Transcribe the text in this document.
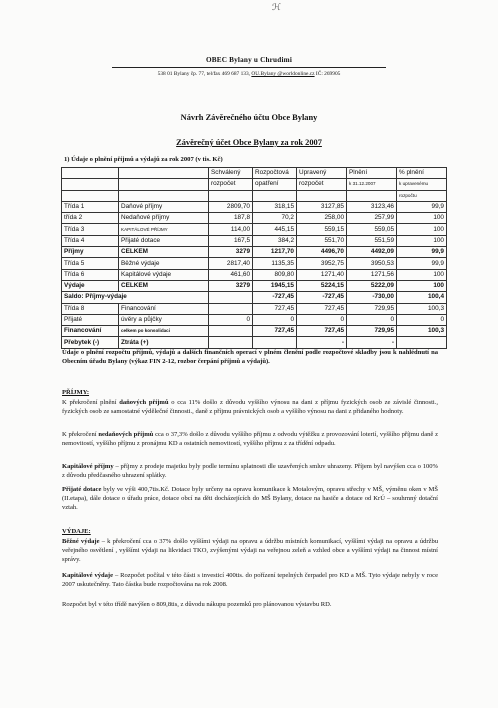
ℋ
OBEC Bylany u Chrudimi
538 01 Bylany čp. 77, tel/fax 469 687 133, OU.Bylany @worldonline.cz IČ: 269905
Návrh Závěrečného účtu Obce Bylany
Závěrečný účet Obce Bylany za rok 2007
1) Údaje o plnění příjmů a výdajů za rok 2007 (v tis. Kč)
		Schválený	Rozpočtová	Upravený	Plnění	% plnění
		rozpočet	opatření	rozpočet	k 31.12.2007	k upravenému
						rozpočtu
Třída 1	Daňové příjmy	2809,70	318,15	3127,85	3123,46	99,9
třída 2	Nedaňové příjmy	187,8	70,2	258,00	257,99	100
Třída 3	KAPITÁLOVÉ PŘÍJMY	114,00	445,15	559,15	559,05	100
Třída 4	Přijaté dotace	167,5	384,2	551,70	551,59	100
Příjmy	CELKEM	3279	1217,70	4496,70	4492,09	99,9
Třída 5	Běžné výdaje	2817,40	1135,35	3952,75	3950,53	99,9
Třída 6	Kapitálové výdaje	461,60	809,80	1271,40	1271,56	100
Výdaje	CELKEM	3279	1945,15	5224,15	5222,09	100
Saldo: Příjmy-výdaje			-727,45	-727,45	-730,00	100,4
Třída 8	Financování		727,45	727,45	729,95	100,3
Přijaté	úvěry a půjčky	0	0	0	0	0
Financování	celkem po konsolidaci		727,45	727,45	729,95	100,3
Přebytek (-)	Ztráta (+)			-	-	
Údaje o plnění rozpočtu příjmů, výdajů a dalších finančních operací v plném členění podle rozpočtové skladby jsou k nahlédnutí na Obecním úřadu Bylany (výkaz FIN 2-12, rozbor čerpání příjmů a výdajů).
PŘÍJMY:
K překročení plnění daňových příjmů o cca 11% došlo z důvodu vyššího výnosu na dani z příjmu fyzických osob ze závislé činnosti., fyzických osob ze samostatné výdělečné činnosti., daně z příjmu právnických osob a vyššího výnosu na dani z přidaného hodnoty.
K překročení nedaňových příjmů cca o 37,3% došlo z důvodu vyššího příjmu z odvodu výtěžku z provozování loterií, vyššího příjmu daně z nemovitostí, vyššího příjmu z pronájmu KD a ostatních nemovitostí, vyššího příjmu z za třídění odpadu.
Kapitálové příjmy – příjmy z prodeje majetku byly podle termínu splatnosti dle uzavřených smluv uhrazeny. Příjem byl navýšen cca o 100% z důvodu předčasného uhrazení splátky.
Přijaté dotace byly ve výši 400,7tis.Kč. Dotace byly určeny na opravu komunikace k Motalovým, opravu střechy v MŠ, výměnu oken v MŠ (II.etapa), dále dotace o úřadu práce, dotace obcí na děti docházejících do MŠ Bylany, dotace na hasiče a dotace od KrÚ – souhrnný dotační vztah.
VÝDAJE:
Běžné výdaje – k překročení cca o 37% došlo vyššími výdaji na opravu a údržbu místních komunikací, vyššími výdaji na opravu a údržbu veřejného osvětlení , vyššími výdaji na likvidaci TKO, zvýšenými výdaji na veřejnou zeleň a vzhled obce a vyššími výdaji na činnost místní správy.
Kapitálové výdaje – Rozpočet počítal v této části s investicí 400tis. do pořízení tepelných čerpadel pro KD a MŠ. Tyto výdaje nebyly v roce 2007 uskutečněny. Tato částka bude rozpočtována na rok 2008.
Rozpočet byl v této třídě navýšen o 809,8tis, z důvodu nákupu pozemků pro plánovanou výstavbu RD.
